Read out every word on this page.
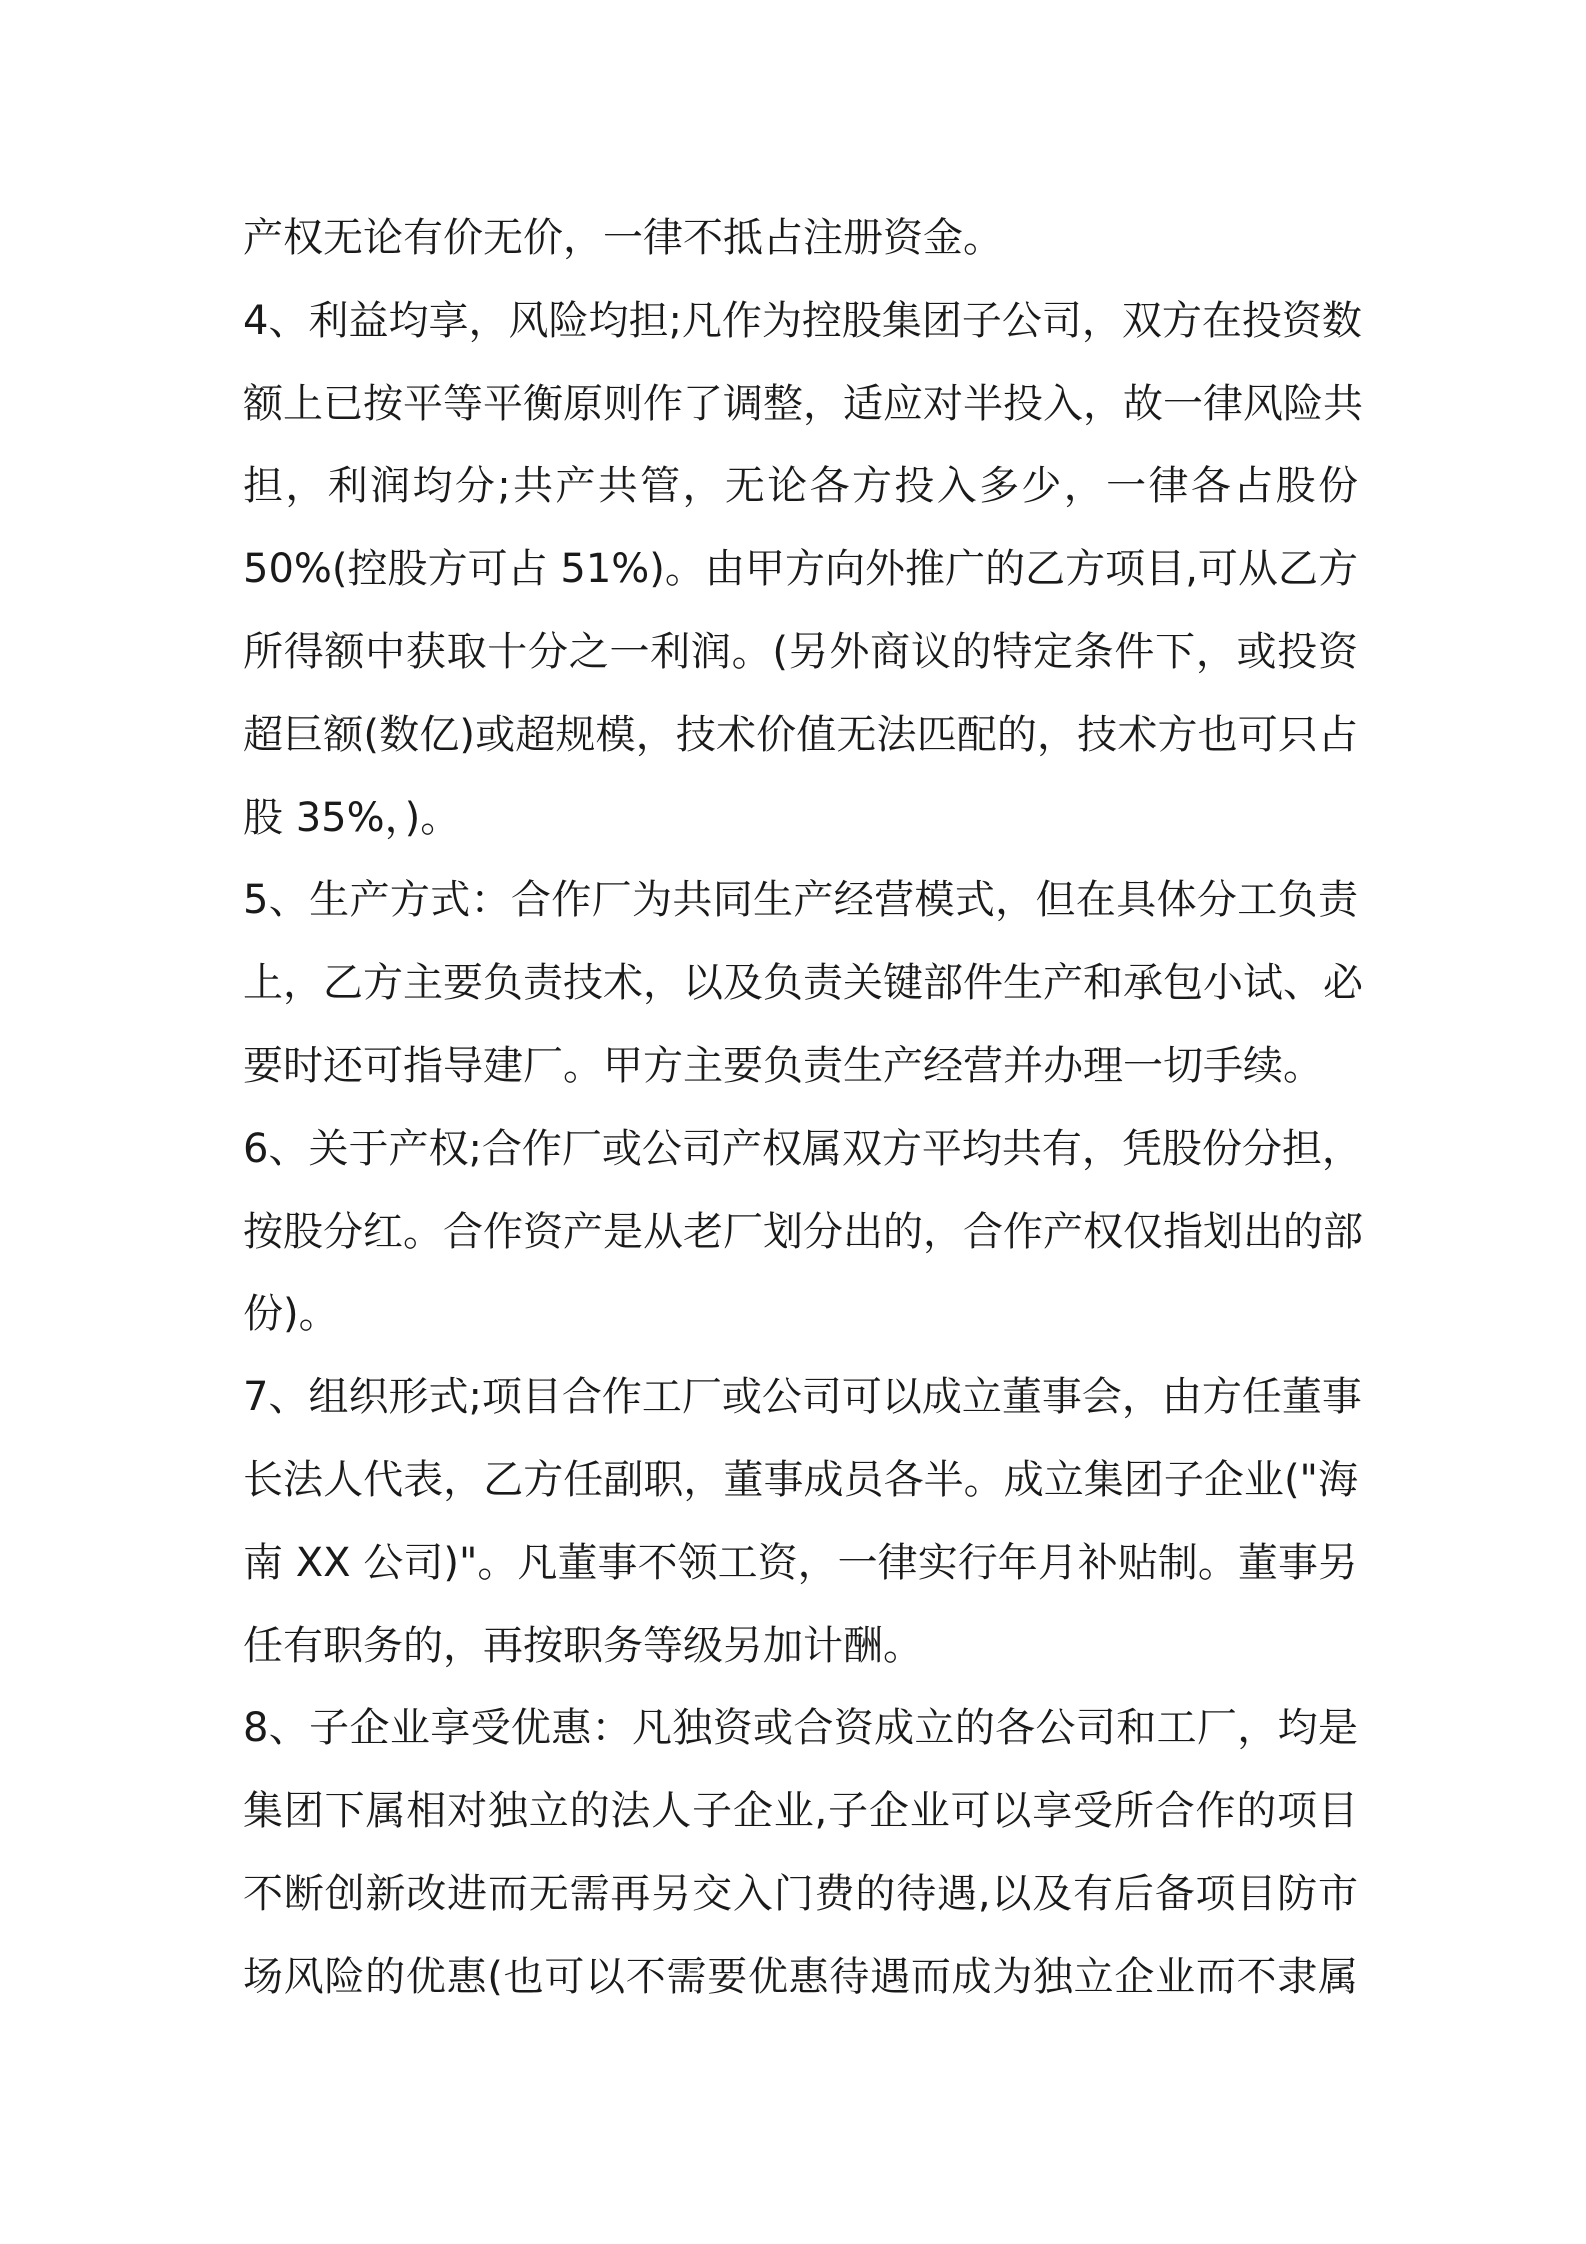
产权无论有价无价，一律不抵占注册资金。
4、利益均享，风险均担;凡作为控股集团子公司，双方在投资数
额上已按平等平衡原则作了调整，适应对半投入，故一律风险共
担，利润均分;共产共管，无论各方投入多少，一律各占股份
50%(控股方可占 51%)。由甲方向外推广的乙方项目,可从乙方
所得额中获取十分之一利润。(另外商议的特定条件下，或投资
超巨额(数亿)或超规模，技术价值无法匹配的，技术方也可只占
股 35%，)。
5、生产方式：合作厂为共同生产经营模式，但在具体分工负责
上，乙方主要负责技术，以及负责关键部件生产和承包小试、必
要时还可指导建厂。甲方主要负责生产经营并办理一切手续。
6、关于产权;合作厂或公司产权属双方平均共有，凭股份分担，
按股分红。合作资产是从老厂划分出的，合作产权仅指划出的部
份)。
7、组织形式;项目合作工厂或公司可以成立董事会，由方任董事
长法人代表，乙方任副职，董事成员各半。成立集团子企业("海
南 XX 公司)"。凡董事不领工资，一律实行年月补贴制。董事另
任有职务的，再按职务等级另加计酬。
8、子企业享受优惠：凡独资或合资成立的各公司和工厂，均是
集团下属相对独立的法人子企业,子企业可以享受所合作的项目
不断创新改进而无需再另交入门费的待遇,以及有后备项目防市
场风险的优惠(也可以不需要优惠待遇而成为独立企业而不隶属
